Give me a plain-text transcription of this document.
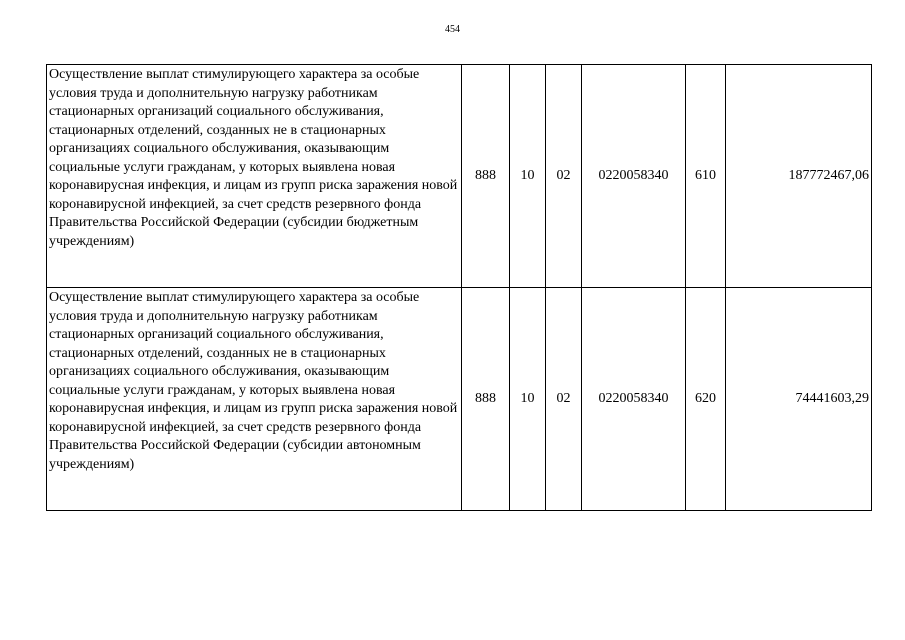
454
Осуществление выплат стимулирующего характера за особые условия труда и дополнительную нагрузку работникам стационарных организаций социального обслуживания, стационарных отделений, созданных не в стационарных организациях социального обслуживания, оказывающим социальные услуги гражданам, у которых выявлена новая коронавирусная инфекция, и лицам из групп риска заражения новой коронавирусной инфекцией, за счет средств резервного фонда Правительства Российской Федерации (субсидии бюджетным учреждениям)	888	10	02	0220058340	610	187772467,06
Осуществление выплат стимулирующего характера за особые условия труда и дополнительную нагрузку работникам стационарных организаций социального обслуживания, стационарных отделений, созданных не в стационарных организациях социального обслуживания, оказывающим социальные услуги гражданам, у которых выявлена новая коронавирусная инфекция, и лицам из групп риска заражения новой коронавирусной инфекцией, за счет средств резервного фонда Правительства Российской Федерации (субсидии автономным учреждениям)	888	10	02	0220058340	620	74441603,29
